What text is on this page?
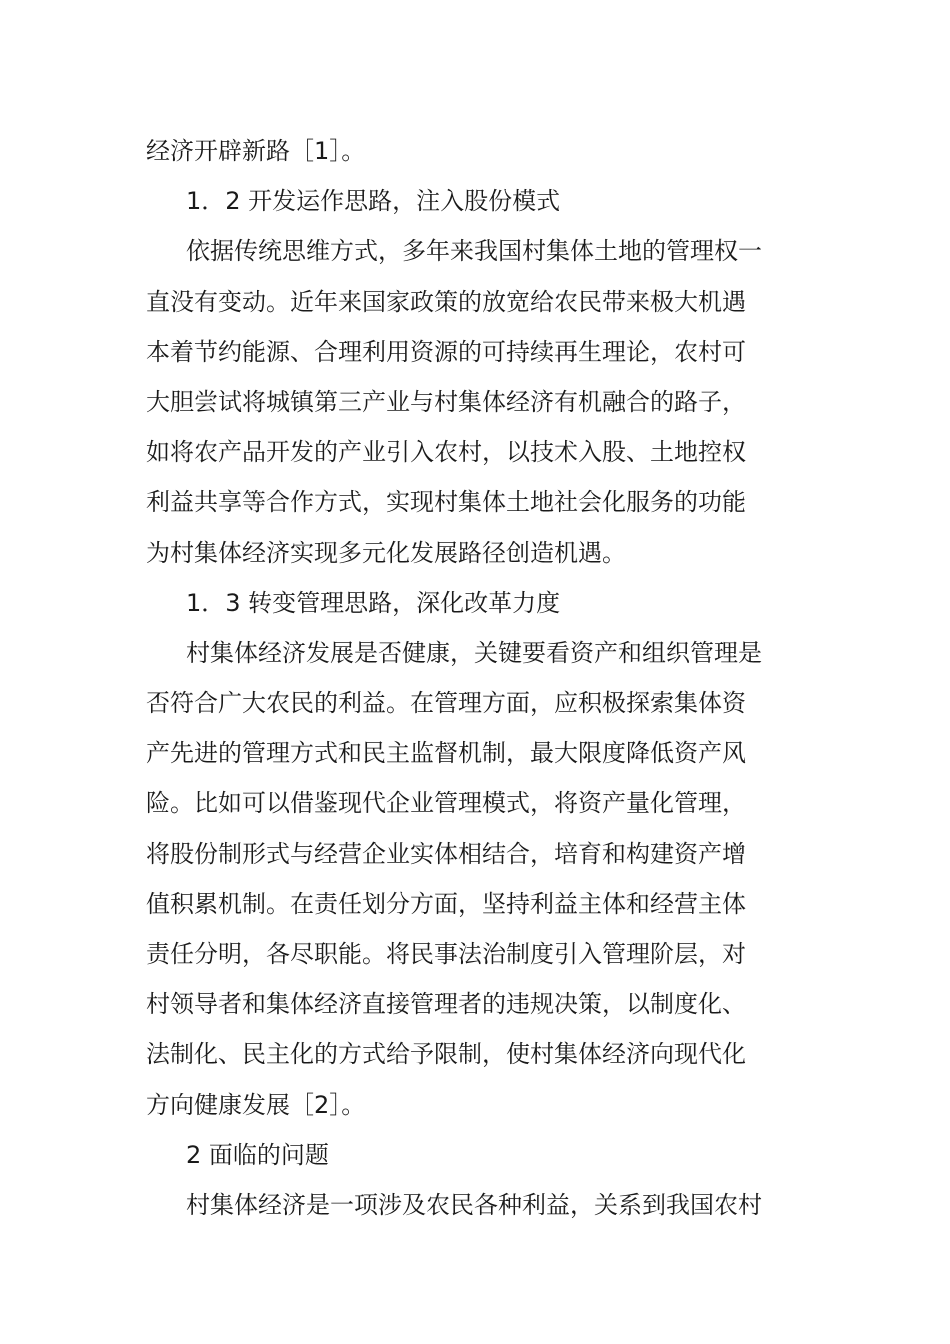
经济开辟新路［1］。
1．2 开发运作思路，注入股份模式
依据传统思维方式，多年来我国村集体土地的管理权一
直没有变动。近年来国家政策的放宽给农民带来极大机遇
本着节约能源、合理利用资源的可持续再生理论，农村可
大胆尝试将城镇第三产业与村集体经济有机融合的路子，
如将农产品开发的产业引入农村，以技术入股、土地控权
利益共享等合作方式，实现村集体土地社会化服务的功能
为村集体经济实现多元化发展路径创造机遇。
1．3 转变管理思路，深化改革力度
村集体经济发展是否健康，关键要看资产和组织管理是
否符合广大农民的利益。在管理方面，应积极探索集体资
产先进的管理方式和民主监督机制，最大限度降低资产风
险。比如可以借鉴现代企业管理模式，将资产量化管理，
将股份制形式与经营企业实体相结合，培育和构建资产增
值积累机制。在责任划分方面，坚持利益主体和经营主体
责任分明，各尽职能。将民事法治制度引入管理阶层，对
村领导者和集体经济直接管理者的违规决策，以制度化、
法制化、民主化的方式给予限制，使村集体经济向现代化
方向健康发展［2］。
2 面临的问题
村集体经济是一项涉及农民各种利益，关系到我国农村
